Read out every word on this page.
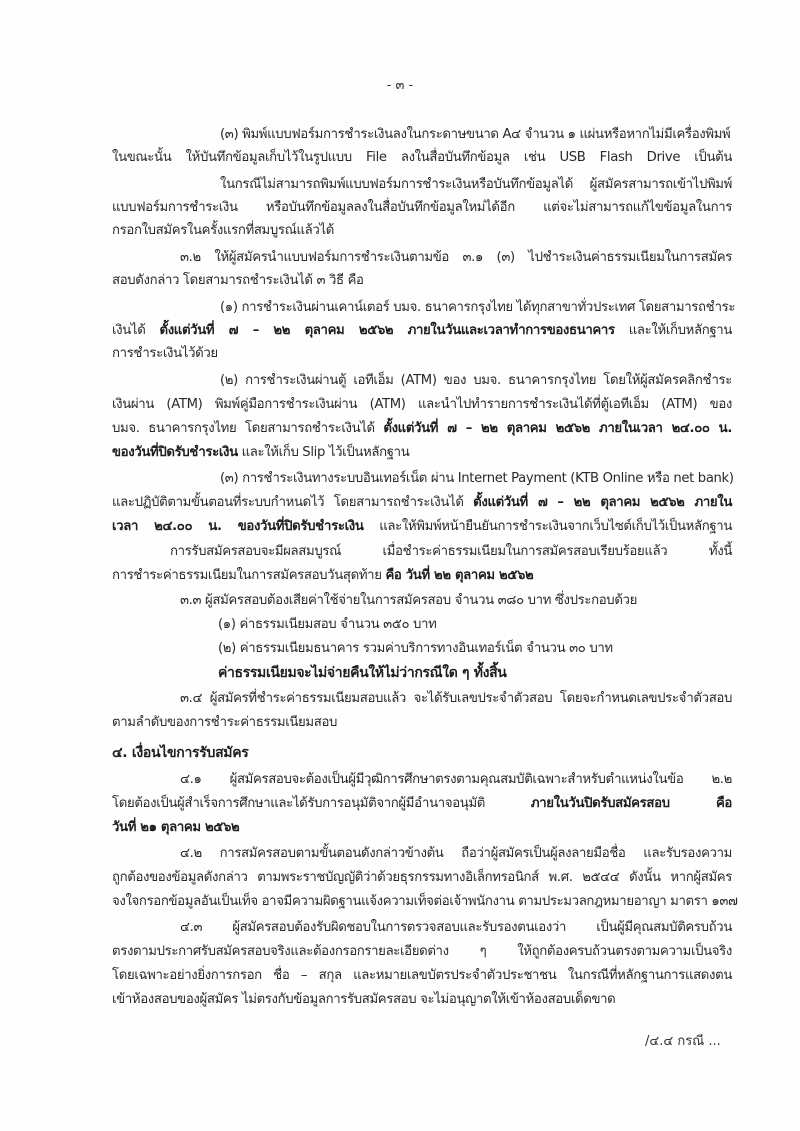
- ๓ -
(๓) พิมพ์แบบฟอร์มการชำระเงินลงในกระดาษขนาด A๔ จำนวน ๑ แผ่นหรือหากไม่มีเครื่องพิมพ์
ในขณะนั้น ให้บันทึกข้อมูลเก็บไว้ในรูปแบบ File ลงในสื่อบันทึกข้อมูล เช่น USB Flash Drive เป็นต้น
ในกรณีไม่สามารถพิมพ์แบบฟอร์มการชำระเงินหรือบันทึกข้อมูลได้ ผู้สมัครสามารถเข้าไปพิมพ์
แบบฟอร์มการชำระเงิน หรือบันทึกข้อมูลลงในสื่อบันทึกข้อมูลใหม่ได้อีก แต่จะไม่สามารถแก้ไขข้อมูลในการ
กรอกใบสมัครในครั้งแรกที่สมบูรณ์แล้วได้
๓.๒ ให้ผู้สมัครนำแบบฟอร์มการชำระเงินตามข้อ ๓.๑ (๓) ไปชำระเงินค่าธรรมเนียมในการสมัคร
สอบดังกล่าว โดยสามารถชำระเงินได้ ๓ วิธี คือ
(๑) การชำระเงินผ่านเคาน์เตอร์ บมจ. ธนาคารกรุงไทย ได้ทุกสาขาทั่วประเทศ โดยสามารถชำระ
เงินได้ ตั้งแต่วันที่ ๗ – ๒๒ ตุลาคม ๒๕๖๒ ภายในวันและเวลาทำการของธนาคาร และให้เก็บหลักฐาน
การชำระเงินไว้ด้วย
(๒) การชำระเงินผ่านตู้ เอทีเอ็ม (ATM) ของ บมจ. ธนาคารกรุงไทย โดยให้ผู้สมัครคลิกชำระ
เงินผ่าน (ATM) พิมพ์คู่มือการชำระเงินผ่าน (ATM) และนำไปทำรายการชำระเงินได้ที่ตู้เอทีเอ็ม (ATM) ของ
บมจ. ธนาคารกรุงไทย โดยสามารถชำระเงินได้ ตั้งแต่วันที่ ๗ – ๒๒ ตุลาคม ๒๕๖๒ ภายในเวลา ๒๔.๐๐ น.
ของวันที่ปิดรับชำระเงิน และให้เก็บ Slip ไว้เป็นหลักฐาน
(๓) การชำระเงินทางระบบอินเทอร์เน็ต ผ่าน Internet Payment (KTB Online หรือ net bank)
และปฏิบัติตามขั้นตอนที่ระบบกำหนดไว้ โดยสามารถชำระเงินได้ ตั้งแต่วันที่ ๗ – ๒๒ ตุลาคม ๒๕๖๒ ภายใน
เวลา ๒๔.๐๐ น. ของวันที่ปิดรับชำระเงิน และให้พิมพ์หน้ายืนยันการชำระเงินจากเว็บไซต์เก็บไว้เป็นหลักฐาน
การรับสมัครสอบจะมีผลสมบูรณ์ เมื่อชำระค่าธรรมเนียมในการสมัครสอบเรียบร้อยแล้ว ทั้งนี้
การชำระค่าธรรมเนียมในการสมัครสอบวันสุดท้าย คือ วันที่ ๒๒ ตุลาคม ๒๕๖๒
๓.๓ ผู้สมัครสอบต้องเสียค่าใช้จ่ายในการสมัครสอบ จำนวน ๓๘๐ บาท ซึ่งประกอบด้วย
(๑) ค่าธรรมเนียมสอบ จำนวน ๓๕๐ บาท
(๒) ค่าธรรมเนียมธนาคาร รวมค่าบริการทางอินเทอร์เน็ต จำนวน ๓๐ บาท
ค่าธรรมเนียมจะไม่จ่ายคืนให้ไม่ว่ากรณีใด ๆ ทั้งสิ้น
๓.๔ ผู้สมัครที่ชำระค่าธรรมเนียมสอบแล้ว จะได้รับเลขประจำตัวสอบ โดยจะกำหนดเลขประจำตัวสอบ
ตามลำดับของการชำระค่าธรรมเนียมสอบ
๔. เงื่อนไขการรับสมัคร
๔.๑ ผู้สมัครสอบจะต้องเป็นผู้มีวุฒิการศึกษาตรงตามคุณสมบัติเฉพาะสำหรับตำแหน่งในข้อ ๒.๒
โดยต้องเป็นผู้สำเร็จการศึกษาและได้รับการอนุมัติจากผู้มีอำนาจอนุมัติ ภายในวันปิดรับสมัครสอบ คือ
วันที่ ๒๑ ตุลาคม ๒๕๖๒
๔.๒ การสมัครสอบตามขั้นตอนดังกล่าวข้างต้น ถือว่าผู้สมัครเป็นผู้ลงลายมือชื่อ และรับรองความ
ถูกต้องของข้อมูลดังกล่าว ตามพระราชบัญญัติว่าด้วยธุรกรรมทางอิเล็กทรอนิกส์ พ.ศ. ๒๕๔๔ ดังนั้น หากผู้สมัคร
จงใจกรอกข้อมูลอันเป็นเท็จ อาจมีความผิดฐานแจ้งความเท็จต่อเจ้าพนักงาน ตามประมวลกฎหมายอาญา มาตรา ๑๓๗
๔.๓ ผู้สมัครสอบต้องรับผิดชอบในการตรวจสอบและรับรองตนเองว่า เป็นผู้มีคุณสมบัติครบถ้วน
ตรงตามประกาศรับสมัครสอบจริงและต้องกรอกรายละเอียดต่าง ๆ ให้ถูกต้องครบถ้วนตรงตามความเป็นจริง
โดยเฉพาะอย่างยิ่งการกรอก ชื่อ – สกุล และหมายเลขบัตรประจำตัวประชาชน ในกรณีที่หลักฐานการแสดงตน
เข้าห้องสอบของผู้สมัคร ไม่ตรงกับข้อมูลการรับสมัครสอบ จะไม่อนุญาตให้เข้าห้องสอบเด็ดขาด
/๔.๔ กรณี ...
